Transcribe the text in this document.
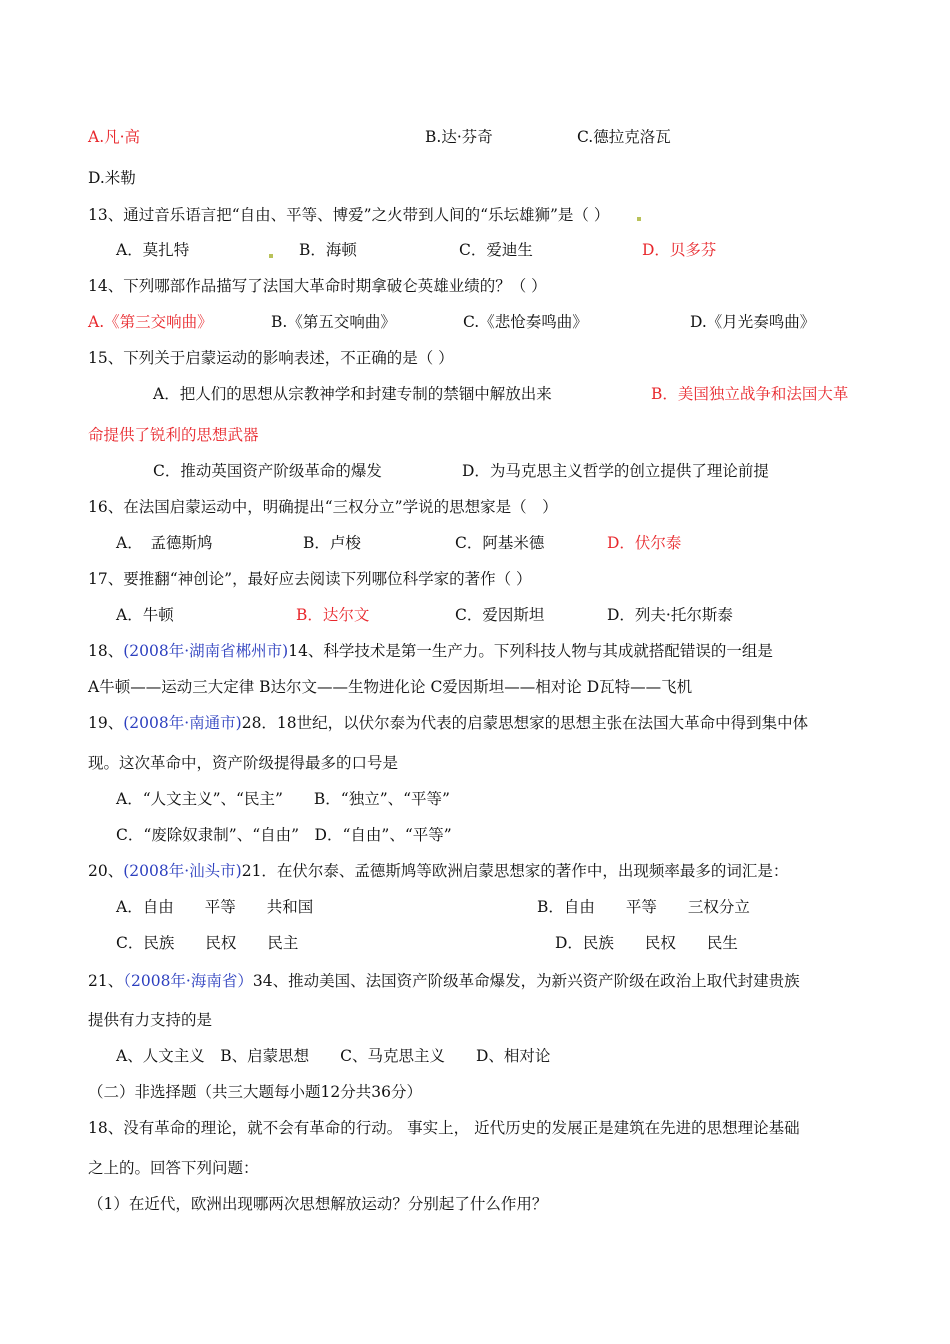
A.凡·高	B.达·芬奇	C.德拉克洛瓦
D.米勒
13、通过音乐语言把“自由、平等、博爱”之火带到人间的“乐坛雄狮”是（ ）
A．莫扎特	B．海顿	C．爱迪生	D．贝多芬
14、下列哪部作品描写了法国大革命时期拿破仑英雄业绩的？（ ）
A.《第三交响曲》	B.《第五交响曲》	C.《悲怆奏鸣曲》	D.《月光奏鸣曲》
15、下列关于启蒙运动的影响表述，不正确的是（ ）
A．把人们的思想从宗教神学和封建专制的禁锢中解放出来	B．美国独立战争和法国大革
命提供了锐利的思想武器
C．推动英国资产阶级革命的爆发	D．为马克思主义哲学的创立提供了理论前提
16、在法国启蒙运动中，明确提出“三权分立”学说的思想家是（　）
A．　孟德斯鸠	B．卢梭	C．阿基米德	D．伏尔泰
17、要推翻“神创论”，最好应去阅读下列哪位科学家的著作（ ）
A．牛顿	B．达尔文	C．爱因斯坦	D．列夫·托尔斯泰
18、(2008年·湖南省郴州市)14、科学技术是第一生产力。下列科技人物与其成就搭配错误的一组是
A牛顿——运动三大定律 B达尔文——生物进化论 C爱因斯坦——相对论 D瓦特——飞机
19、(2008年·南通市)28．18世纪，以伏尔泰为代表的启蒙思想家的思想主张在法国大革命中得到集中体
现。这次革命中，资产阶级提得最多的口号是
A．“人文主义”、“民主”　　B．“独立”、“平等”
C．“废除奴隶制”、“自由”　D．“自由”、“平等”
20、(2008年·汕头市)21．在伏尔泰、孟德斯鸠等欧洲启蒙思想家的著作中，出现频率最多的词汇是：
A．自由　　平等　　共和国	B．自由　　平等　　三权分立
C．民族　　民权　　民主	D．民族　　民权　　民生
21、（2008年·海南省）34、推动美国、法国资产阶级革命爆发，为新兴资产阶级在政治上取代封建贵族
提供有力支持的是
A、人文主义　B、启蒙思想　　C、马克思主义　　D、相对论
（二）非选择题（共三大题每小题12分共36分）
18、没有革命的理论，就不会有革命的行动。 事实上， 近代历史的发展正是建筑在先进的思想理论基础
之上的。回答下列问题：
（1）在近代，欧洲出现哪两次思想解放运动？分别起了什么作用？
